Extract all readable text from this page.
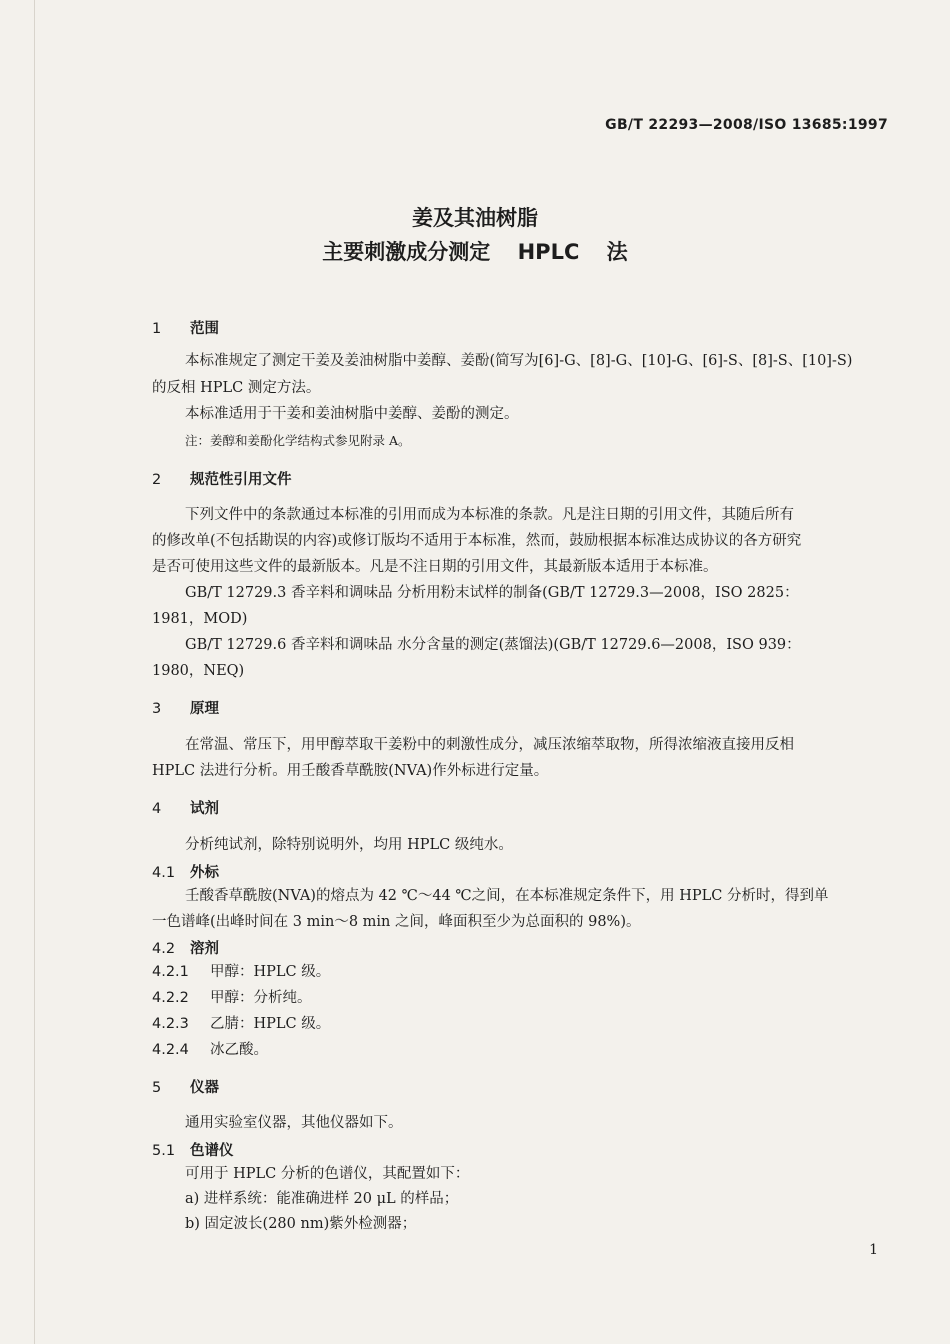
GB/T 22293—2008/ISO 13685:1997
姜及其油树脂
主要刺激成分测定 HPLC 法
1 范围
本标准规定了测定干姜及姜油树脂中姜醇、姜酚(简写为[6]-G、[8]-G、[10]-G、[6]-S、[8]-S、[10]-S)
的反相 HPLC 测定方法。
本标准适用于干姜和姜油树脂中姜醇、姜酚的测定。
注：姜醇和姜酚化学结构式参见附录 A。
2 规范性引用文件
下列文件中的条款通过本标准的引用而成为本标准的条款。凡是注日期的引用文件，其随后所有
的修改单(不包括勘误的内容)或修订版均不适用于本标准，然而，鼓励根据本标准达成协议的各方研究
是否可使用这些文件的最新版本。凡是不注日期的引用文件，其最新版本适用于本标准。
GB/T 12729.3 香辛料和调味品 分析用粉末试样的制备(GB/T 12729.3—2008，ISO 2825：
1981，MOD)
GB/T 12729.6 香辛料和调味品 水分含量的测定(蒸馏法)(GB/T 12729.6—2008，ISO 939：
1980，NEQ)
3 原理
在常温、常压下，用甲醇萃取干姜粉中的刺激性成分，减压浓缩萃取物，所得浓缩液直接用反相
HPLC 法进行分析。用壬酸香草酰胺(NVA)作外标进行定量。
4 试剂
分析纯试剂，除特别说明外，均用 HPLC 级纯水。
4.1 外标
壬酸香草酰胺(NVA)的熔点为 42 ℃～44 ℃之间，在本标准规定条件下，用 HPLC 分析时，得到单
一色谱峰(出峰时间在 3 min～8 min 之间，峰面积至少为总面积的 98%)。
4.2 溶剂
4.2.1 甲醇：HPLC 级。
4.2.2 甲醇：分析纯。
4.2.3 乙腈：HPLC 级。
4.2.4 冰乙酸。
5 仪器
通用实验室仪器，其他仪器如下。
5.1 色谱仪
可用于 HPLC 分析的色谱仪，其配置如下：
a) 进样系统：能准确进样 20 μL 的样品；
b) 固定波长(280 nm)紫外检测器；
1
